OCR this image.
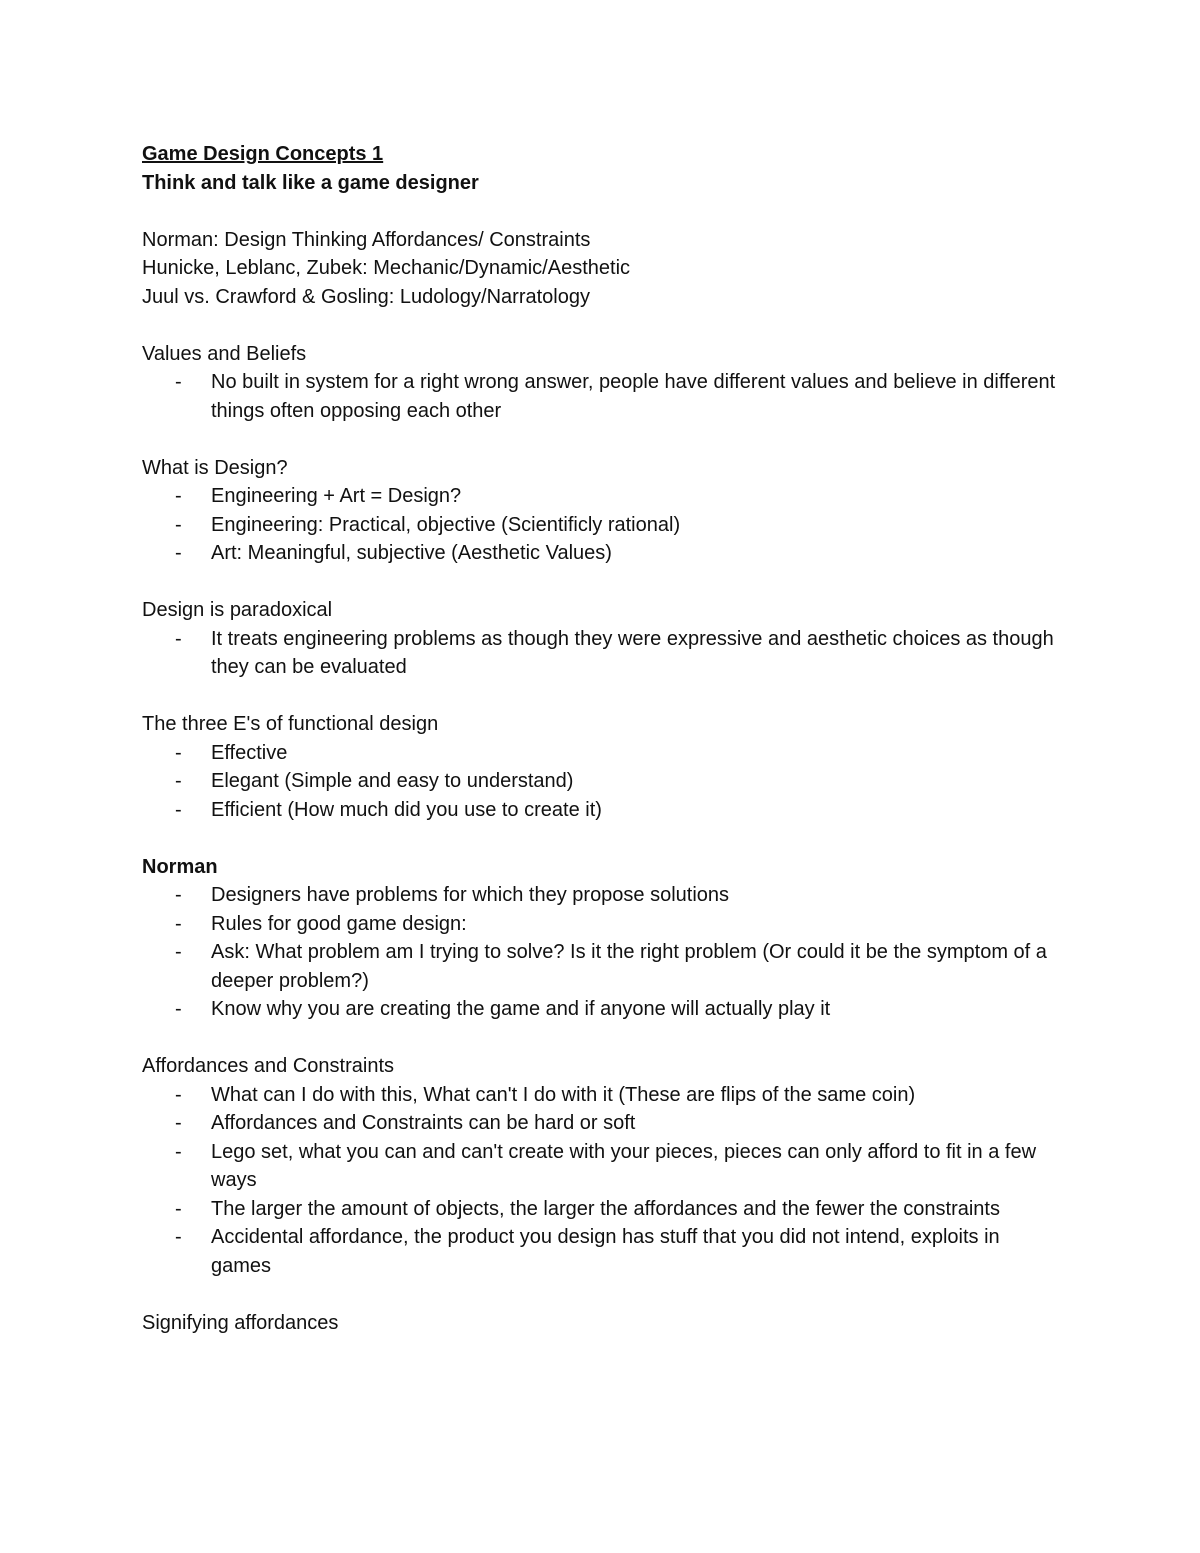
Game Design Concepts 1

Think and talk like a game designer

Norman: Design Thinking Affordances/ Constraints

Hunicke, Leblanc, Zubek: Mechanic/Dynamic/Aesthetic

Juul vs. Crawford & Gosling: Ludology/Narratology

Values and Beliefs

- No built in system for a right wrong answer, people have different values and believe in different things often opposing each other

What is Design?

- Engineering + Art = Design?
- Engineering: Practical, objective (Scientificly rational)
- Art: Meaningful, subjective (Aesthetic Values)

Design is paradoxical

- It treats engineering problems as though they were expressive and aesthetic choices as though they can be evaluated

The three E's of functional design

- Effective
- Elegant (Simple and easy to understand)
- Efficient (How much did you use to create it)

Norman

- Designers have problems for which they propose solutions
- Rules for good game design:
- Ask: What problem am I trying to solve? Is it the right problem (Or could it be the symptom of a deeper problem?)
- Know why you are creating the game and if anyone will actually play it

Affordances and Constraints

- What can I do with this, What can't I do with it (These are flips of the same coin)
- Affordances and Constraints can be hard or soft
- Lego set, what you can and can't create with your pieces, pieces can only afford to fit in a few ways
- The larger the amount of objects, the larger the affordances and the fewer the constraints
- Accidental affordance, the product you design has stuff that you did not intend, exploits in games

Signifying affordances
